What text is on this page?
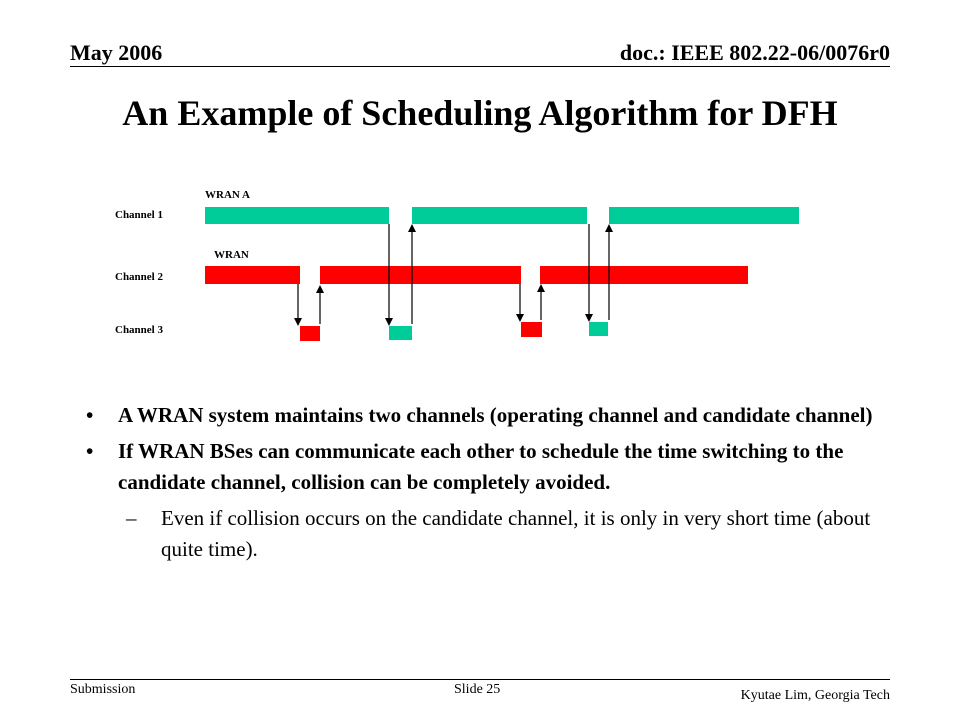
May 2006	doc.: IEEE 802.22-06/0076r0
An Example of Scheduling Algorithm for DFH
WRAN A
WRAN
Channel 1
Channel 2
Channel 3
• A WRAN system maintains two channels (operating channel and candidate channel)
• If WRAN BSes can communicate each other to schedule the time switching to the candidate channel, collision can be completely avoided.
– Even if collision occurs on the candidate channel, it is only in very short time (about quite time).
Submission	Slide 25	Kyutae Lim, Georgia Tech
